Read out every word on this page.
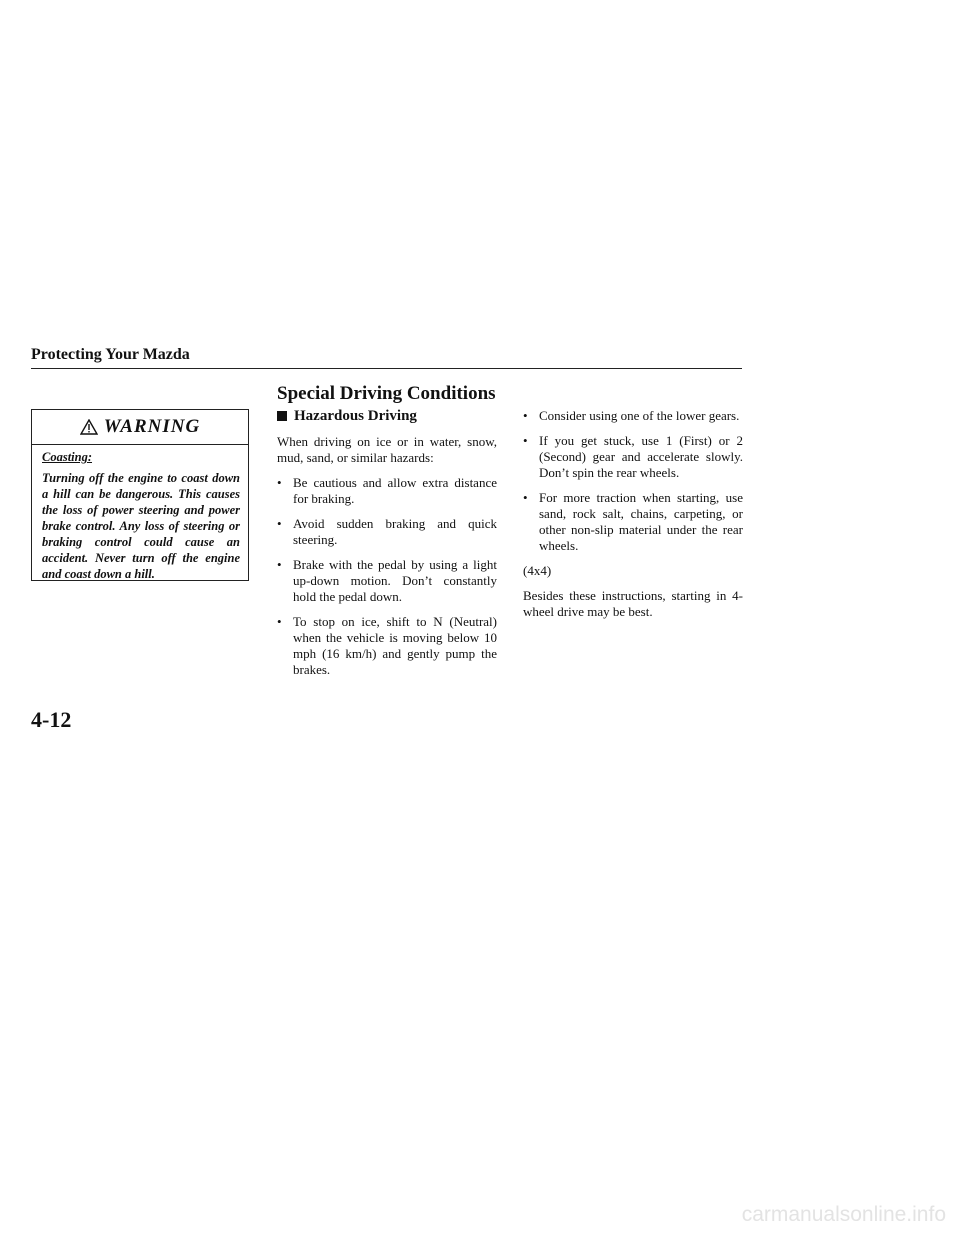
Protecting Your Mazda
Special Driving Conditions
WARNING
Coasting:
Turning off the engine to coast down a hill can be dangerous. This causes the loss of power steering and power brake control. Any loss of steering or braking control could cause an accident. Never turn off the engine and coast down a hill.
Hazardous Driving
When driving on ice or in water, snow, mud, sand, or similar hazards:
• Be cautious and allow extra distance for braking.
• Avoid sudden braking and quick steering.
• Brake with the pedal by using a light up-down motion. Don’t constantly hold the pedal down.
• To stop on ice, shift to N (Neutral) when the vehicle is moving below 10 mph (16 km/h) and gently pump the brakes.
• Consider using one of the lower gears.
• If you get stuck, use 1 (First) or 2 (Second) gear and accelerate slowly. Don’t spin the rear wheels.
• For more traction when starting, use sand, rock salt, chains, carpeting, or other non-slip material under the rear wheels.
(4x4)
Besides these instructions, starting in 4-wheel drive may be best.
4-12
carmanualsonline.info
